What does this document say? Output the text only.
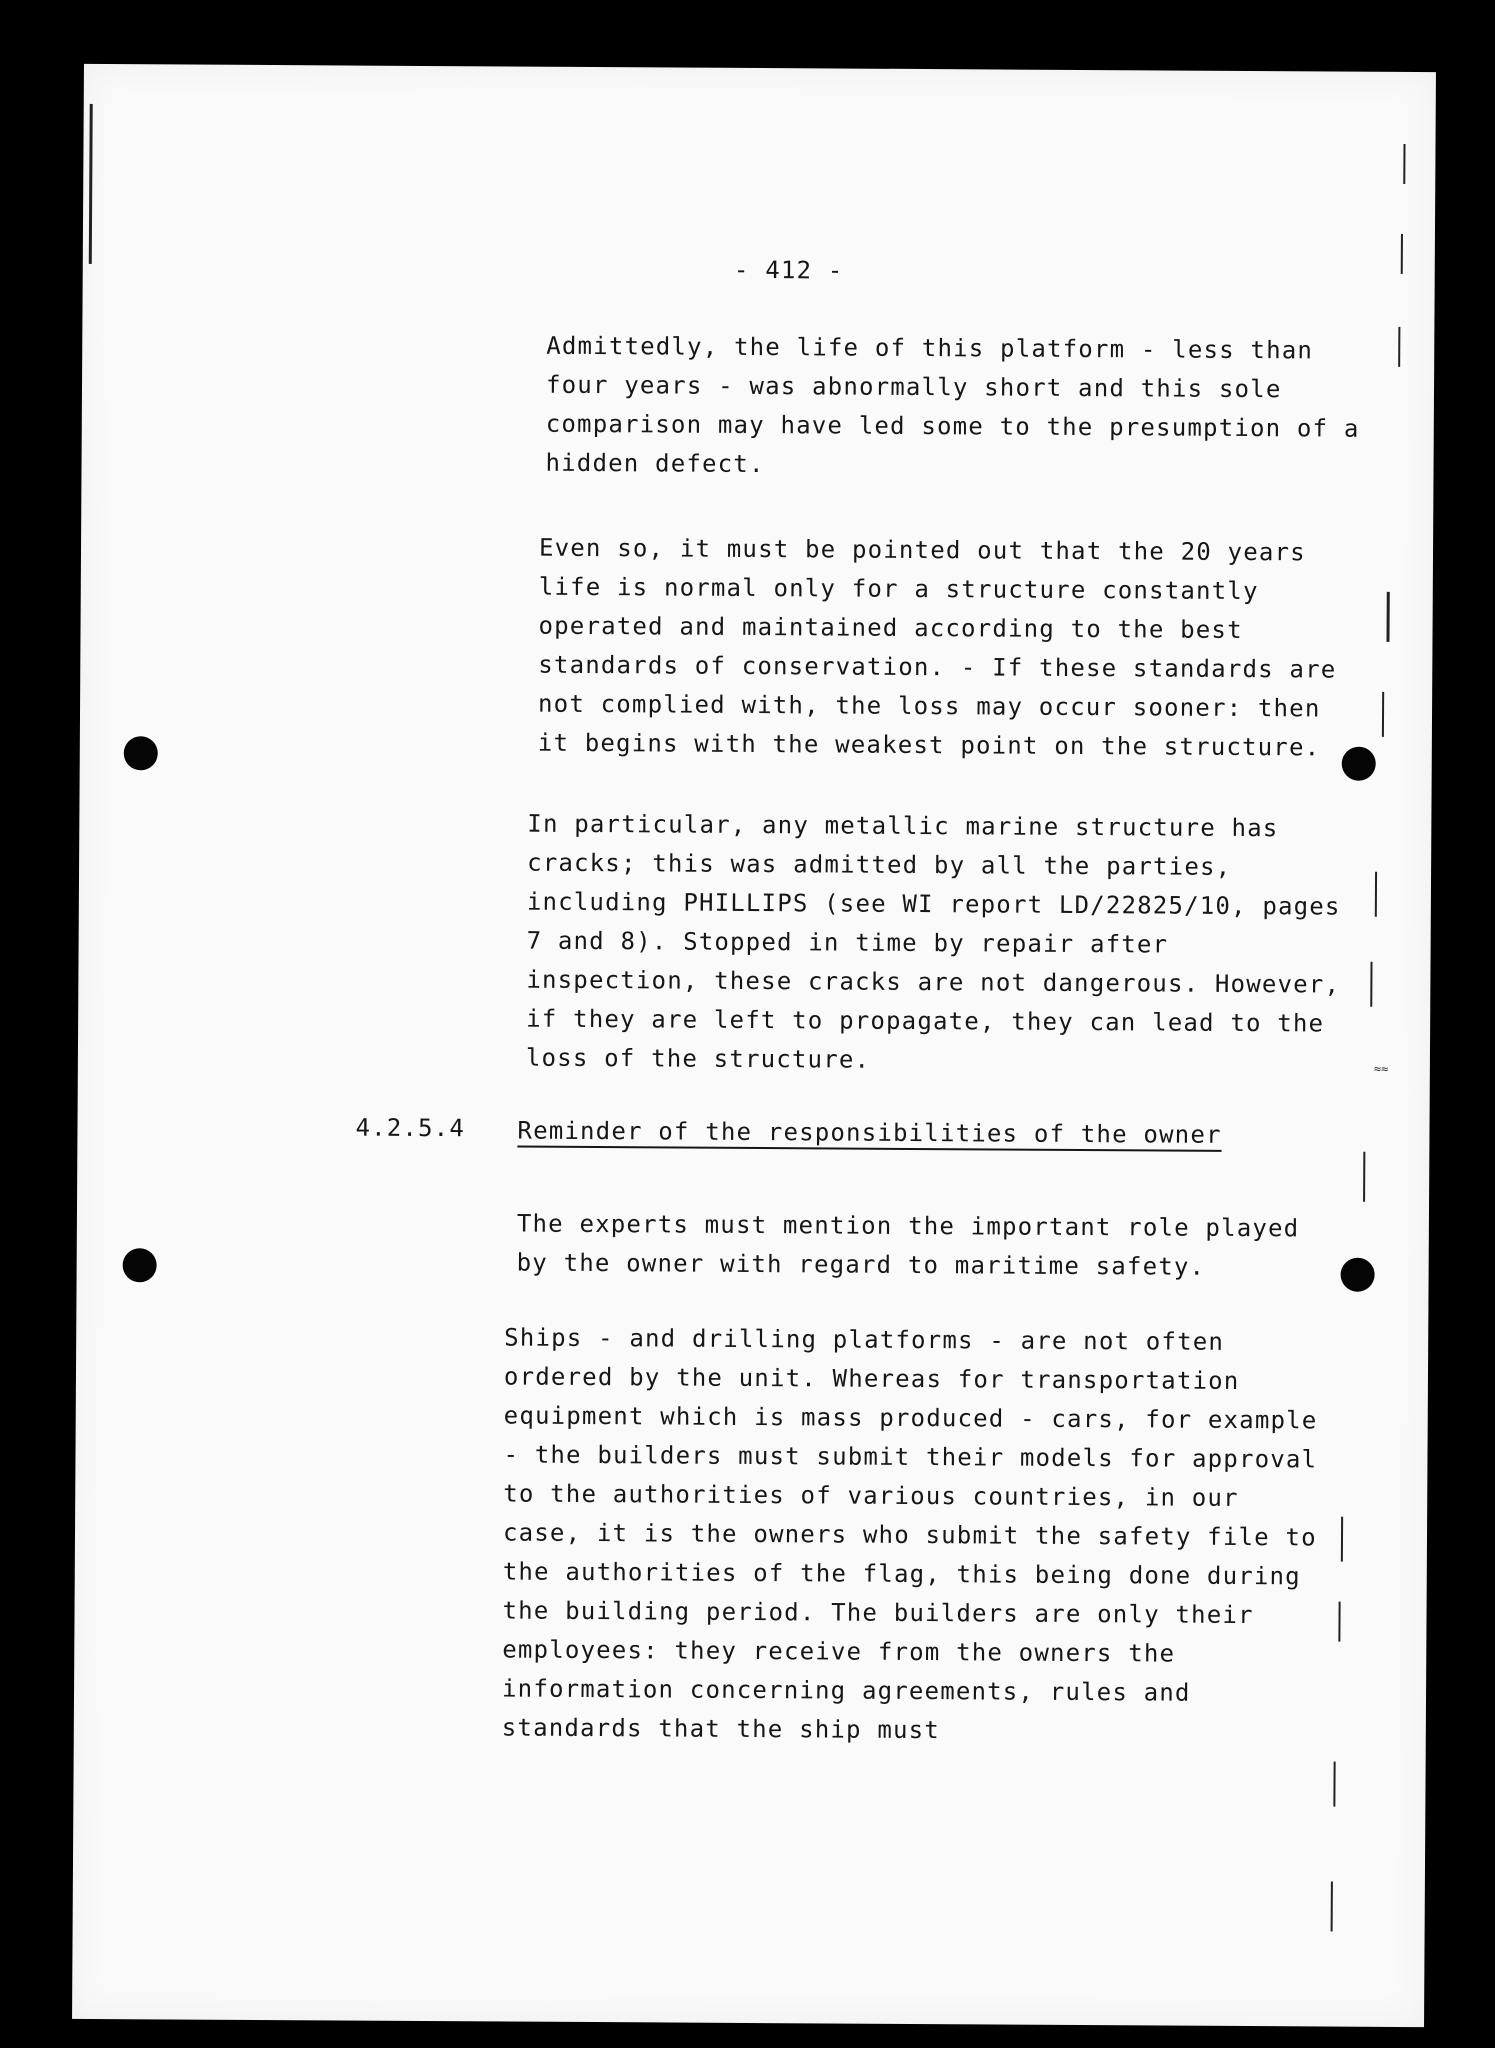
- 412 -

Admittedly, the life of this platform - less than four years - was abnormally short and this sole comparison may have led some to the presumption of a hidden defect.

Even so, it must be pointed out that the 20 years life is normal only for a structure constantly operated and maintained according to the best standards of conservation. - If these standards are not complied with, the loss may occur sooner: then it begins with the weakest point on the structure.

In particular, any metallic marine structure has cracks; this was admitted by all the parties, including PHILLIPS (see WI report LD/22825/10, pages 7 and 8). Stopped in time by repair after inspection, these cracks are not dangerous. However, if they are left to propagate, they can lead to the loss of the structure.

4.2.5.4 Reminder of the responsibilities of the owner

The experts must mention the important role played by the owner with regard to maritime safety.

Ships - and drilling platforms - are not often ordered by the unit. Whereas for transportation equipment which is mass produced - cars, for example - the builders must submit their models for approval to the authorities of various countries, in our case, it is the owners who submit the safety file to the authorities of the flag, this being done during the building period. The builders are only their employees: they receive from the owners the information concerning agreements, rules and standards that the ship must

≈≈
